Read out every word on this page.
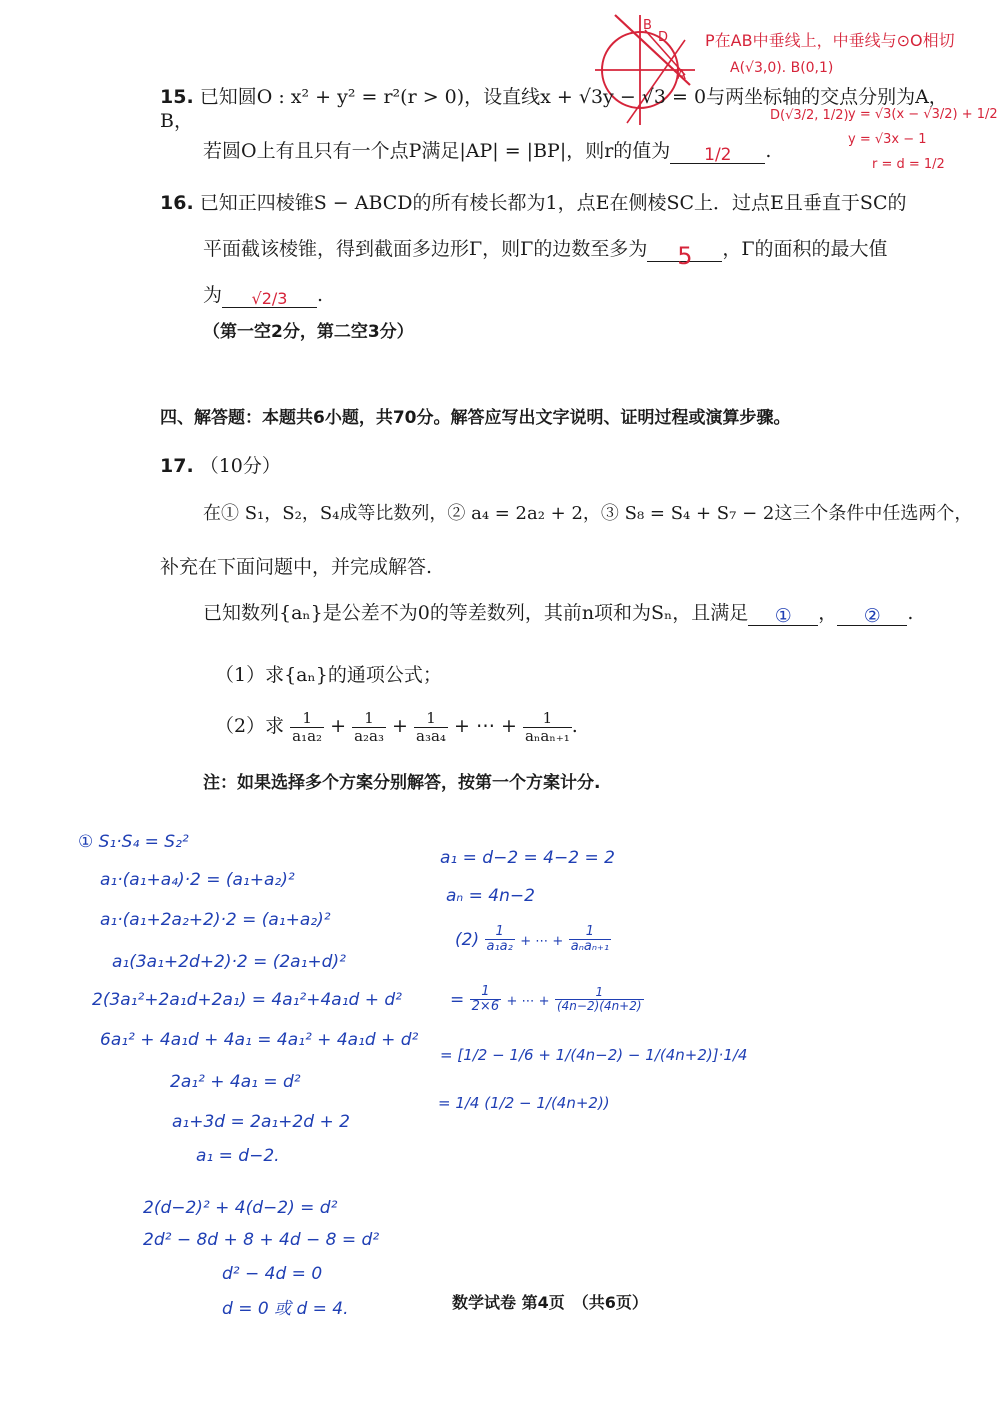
B
D
A
P在AB中垂线上，中垂线与⊙O相切
A(√3,0). B(0,1)
D(√3/2, 1/2) y = √3(x − √3/2) + 1/2
y = √3x − 1
r = d = 1/2
15. 已知圆O : x² + y² = r²(r > 0)，设直线x + √3y − √3 = 0与两坐标轴的交点分别为A，B，
若圆O上有且只有一个点P满足|AP| = |BP|，则r的值为 1/2 .
16. 已知正四棱锥S − ABCD的所有棱长都为1，点E在侧棱SC上．过点E且垂直于SC的
平面截该棱锥，得到截面多边形Γ，则Γ的边数至多为 5 ，Γ的面积的最大值
为 √2/3 .
（第一空2分，第二空3分）
四、解答题：本题共6小题，共70分。解答应写出文字说明、证明过程或演算步骤。
17. （10分）
在① S₁，S₂，S₄成等比数列，② a₄ = 2a₂ + 2，③ S₈ = S₄ + S₇ − 2这三个条件中任选两个，
补充在下面问题中，并完成解答.
已知数列{aₙ}是公差不为0的等差数列，其前n项和为Sₙ，且满足 ① ， ② .
（1）求{aₙ}的通项公式；
（2）求 $\frac{1}{\text{a₁a₂}} + \frac{1}{\text{a₂a₃}} + \frac{1}{\text{a₃a₄}}$ + ⋯ + $\frac{1}{\text{aₙaₙ₊₁}}$ .
注：如果选择多个方案分别解答，按第一个方案计分.
① S₁·S₄ = S₂²
a₁·(a₁+a₄)·2 = (a₁+a₂)²
a₁·(a₁+2a₂+2)·2 = (a₁+a₂)²
a₁(3a₁+2d+2)·2 = (2a₁+d)²
2(3a₁²+2a₁d+2a₁) = 4a₁²+4a₁d + d²
6a₁² + 4a₁d + 4a₁ = 4a₁² + 4a₁d + d²
2a₁² + 4a₁ = d²
a₁+3d = 2a₁+2d + 2
a₁ = d−2.
2(d−2)² + 4(d−2) = d²
2d² − 8d + 8 + 4d − 8 = d²
d² − 4d = 0
d = 0 或 d = 4.
a₁ = d−2 = 4−2 = 2
aₙ = 4n−2
$(2) \frac{1}{\text{a₁a₂}}$ + ⋯ + $\frac{1}{\text{aₙaₙ₊₁}}$
= $\frac{1}{2\times 6}$ + ⋯ + $\frac{1}{(4n-2)(4n+2)}$
= [1/2 − 1/6 + 1/(4n−2) − 1/(4n+2)]·1/4
= 1/4 (1/2 − 1/(4n+2))
数学试卷 第4页　（共6页）
